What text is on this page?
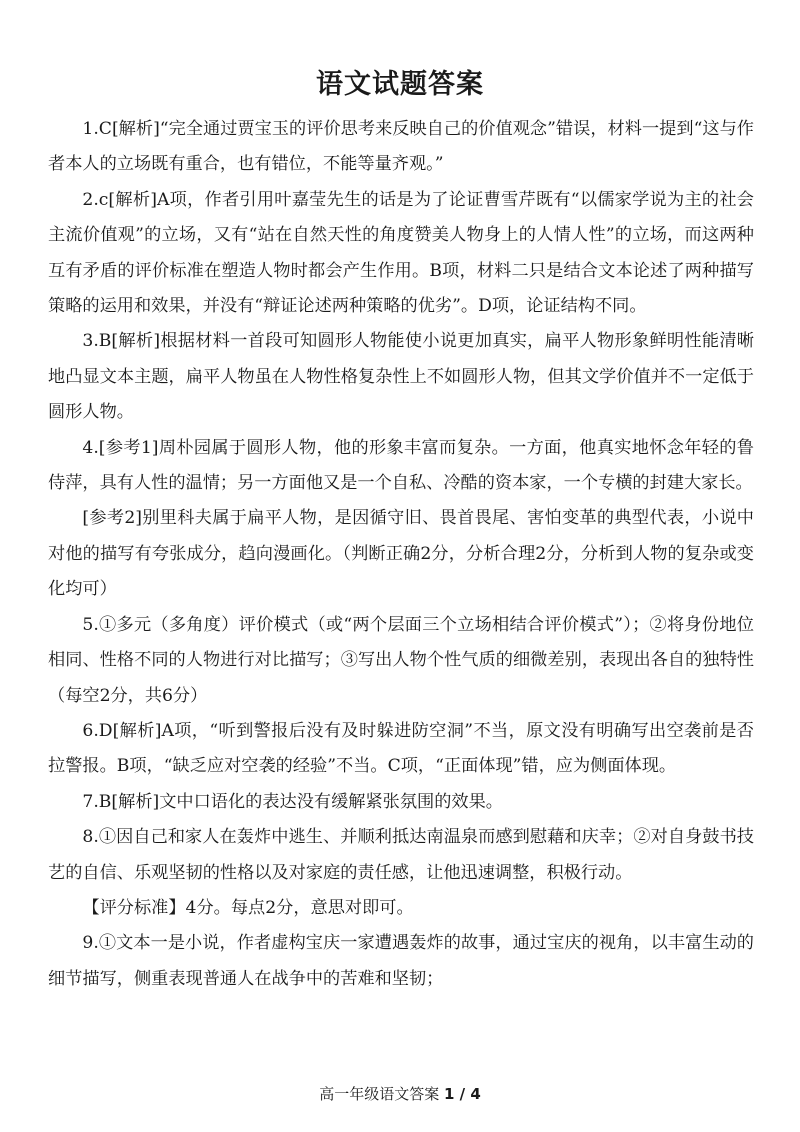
语文试题答案

1.C[解析]“完全通过贾宝玉的评价思考来反映自己的价值观念”错误，材料一提到“这与作者本人的立场既有重合，也有错位，不能等量齐观。”

2.c[解析]A项，作者引用叶嘉莹先生的话是为了论证曹雪芹既有“以儒家学说为主的社会主流价值观”的立场，又有“站在自然天性的角度赞美人物身上的人情人性”的立场，而这两种互有矛盾的评价标准在塑造人物时都会产生作用。B项，材料二只是结合文本论述了两种描写策略的运用和效果，并没有“辩证论述两种策略的优劣”。D项，论证结构不同。

3.B[解析]根据材料一首段可知圆形人物能使小说更加真实，扁平人物形象鲜明性能清晰地凸显文本主题，扁平人物虽在人物性格复杂性上不如圆形人物，但其文学价值并不一定低于圆形人物。

4.[参考1]周朴园属于圆形人物，他的形象丰富而复杂。一方面，他真实地怀念年轻的鲁侍萍，具有人性的温情；另一方面他又是一个自私、冷酷的资本家，一个专横的封建大家长。

[参考2]别里科夫属于扁平人物，是因循守旧、畏首畏尾、害怕变革的典型代表，小说中对他的描写有夸张成分，趋向漫画化。（判断正确2分，分析合理2分，分析到人物的复杂或变化均可）

5.①多元（多角度）评价模式（或“两个层面三个立场相结合评价模式”）；②将身份地位相同、性格不同的人物进行对比描写；③写出人物个性气质的细微差别，表现出各自的独特性（每空2分，共6分）

6.D[解析]A项，“听到警报后没有及时躲进防空洞”不当，原文没有明确写出空袭前是否拉警报。B项，“缺乏应对空袭的经验”不当。C项，“正面体现”错，应为侧面体现。

7.B[解析]文中口语化的表达没有缓解紧张氛围的效果。

8.①因自己和家人在轰炸中逃生、并顺利抵达南温泉而感到慰藉和庆幸；②对自身鼓书技艺的自信、乐观坚韧的性格以及对家庭的责任感，让他迅速调整，积极行动。

【评分标准】4分。每点2分，意思对即可。

9.①文本一是小说，作者虚构宝庆一家遭遇轰炸的故事，通过宝庆的视角，以丰富生动的细节描写，侧重表现普通人在战争中的苦难和坚韧；

高一年级语文答案 1 / 4
